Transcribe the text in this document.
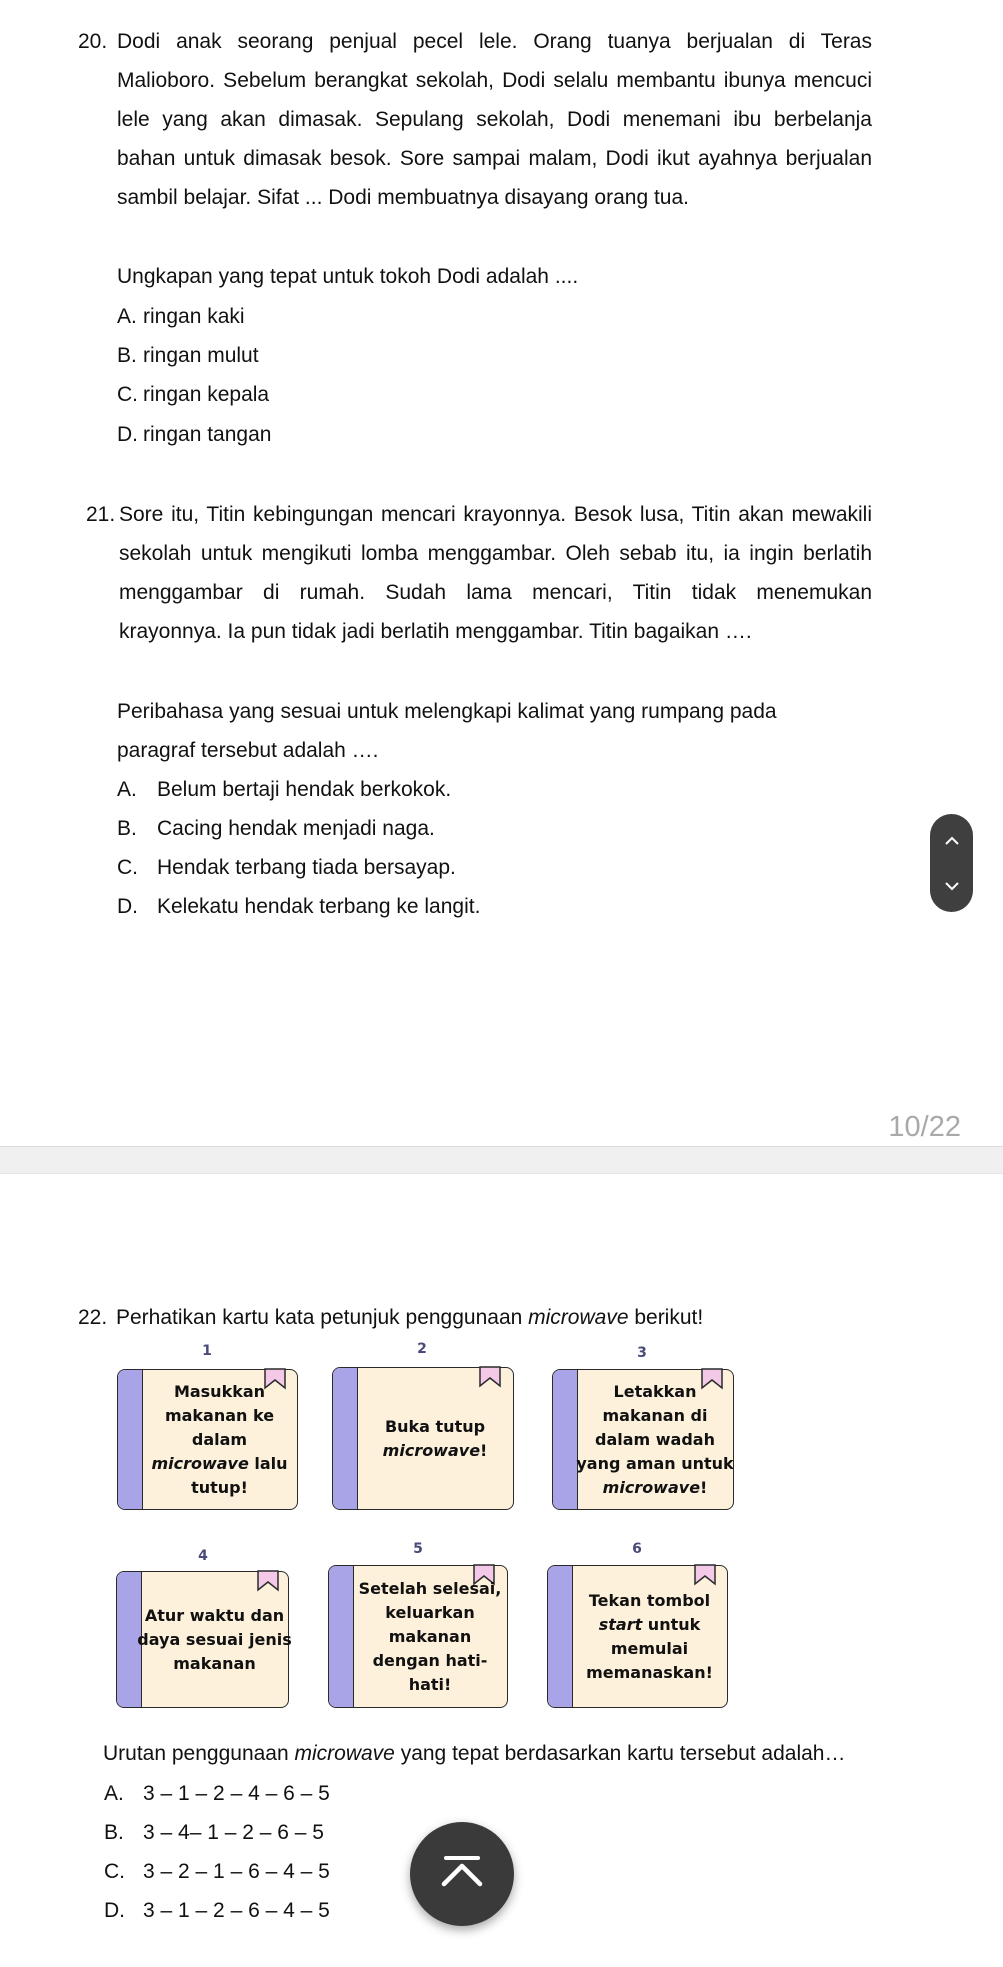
20. Dodi anak seorang penjual pecel lele. Orang tuanya berjualan di Teras
Malioboro. Sebelum berangkat sekolah, Dodi selalu membantu ibunya mencuci
lele yang akan dimasak. Sepulang sekolah, Dodi menemani ibu berbelanja
bahan untuk dimasak besok. Sore sampai malam, Dodi ikut ayahnya berjualan
sambil belajar. Sifat ... Dodi membuatnya disayang orang tua.
Ungkapan yang tepat untuk tokoh Dodi adalah ....
A. ringan kaki
B. ringan mulut
C. ringan kepala
D. ringan tangan
21. Sore itu, Titin kebingungan mencari krayonnya. Besok lusa, Titin akan mewakili
sekolah untuk mengikuti lomba menggambar. Oleh sebab itu, ia ingin berlatih
menggambar di rumah. Sudah lama mencari, Titin tidak menemukan
krayonnya. Ia pun tidak jadi berlatih menggambar. Titin bagaikan ….
Peribahasa yang sesuai untuk melengkapi kalimat yang rumpang pada
paragraf tersebut adalah ….
A. Belum bertaji hendak berkokok.
B. Cacing hendak menjadi naga.
C. Hendak terbang tiada bersayap.
D. Kelekatu hendak terbang ke langit.
10/22
22. Perhatikan kartu kata petunjuk penggunaan microwave berikut!
1
Masukkan
makanan ke
dalam
microwave lalu
tutup!
2
Buka tutup
microwave!
3
Letakkan
makanan di
dalam wadah
yang aman untuk
microwave!
4
Atur waktu dan
daya sesuai jenis
makanan
5
Setelah selesai,
keluarkan
makanan
dengan hati-
hati!
6
Tekan tombol
start untuk
memulai
memanaskan!
Urutan penggunaan microwave yang tepat berdasarkan kartu tersebut adalah…
A. 3 – 1 – 2 – 4 – 6 – 5
B. 3 – 4– 1 – 2 – 6 – 5
C. 3 – 2 – 1 – 6 – 4 – 5
D. 3 – 1 – 2 – 6 – 4 – 5
